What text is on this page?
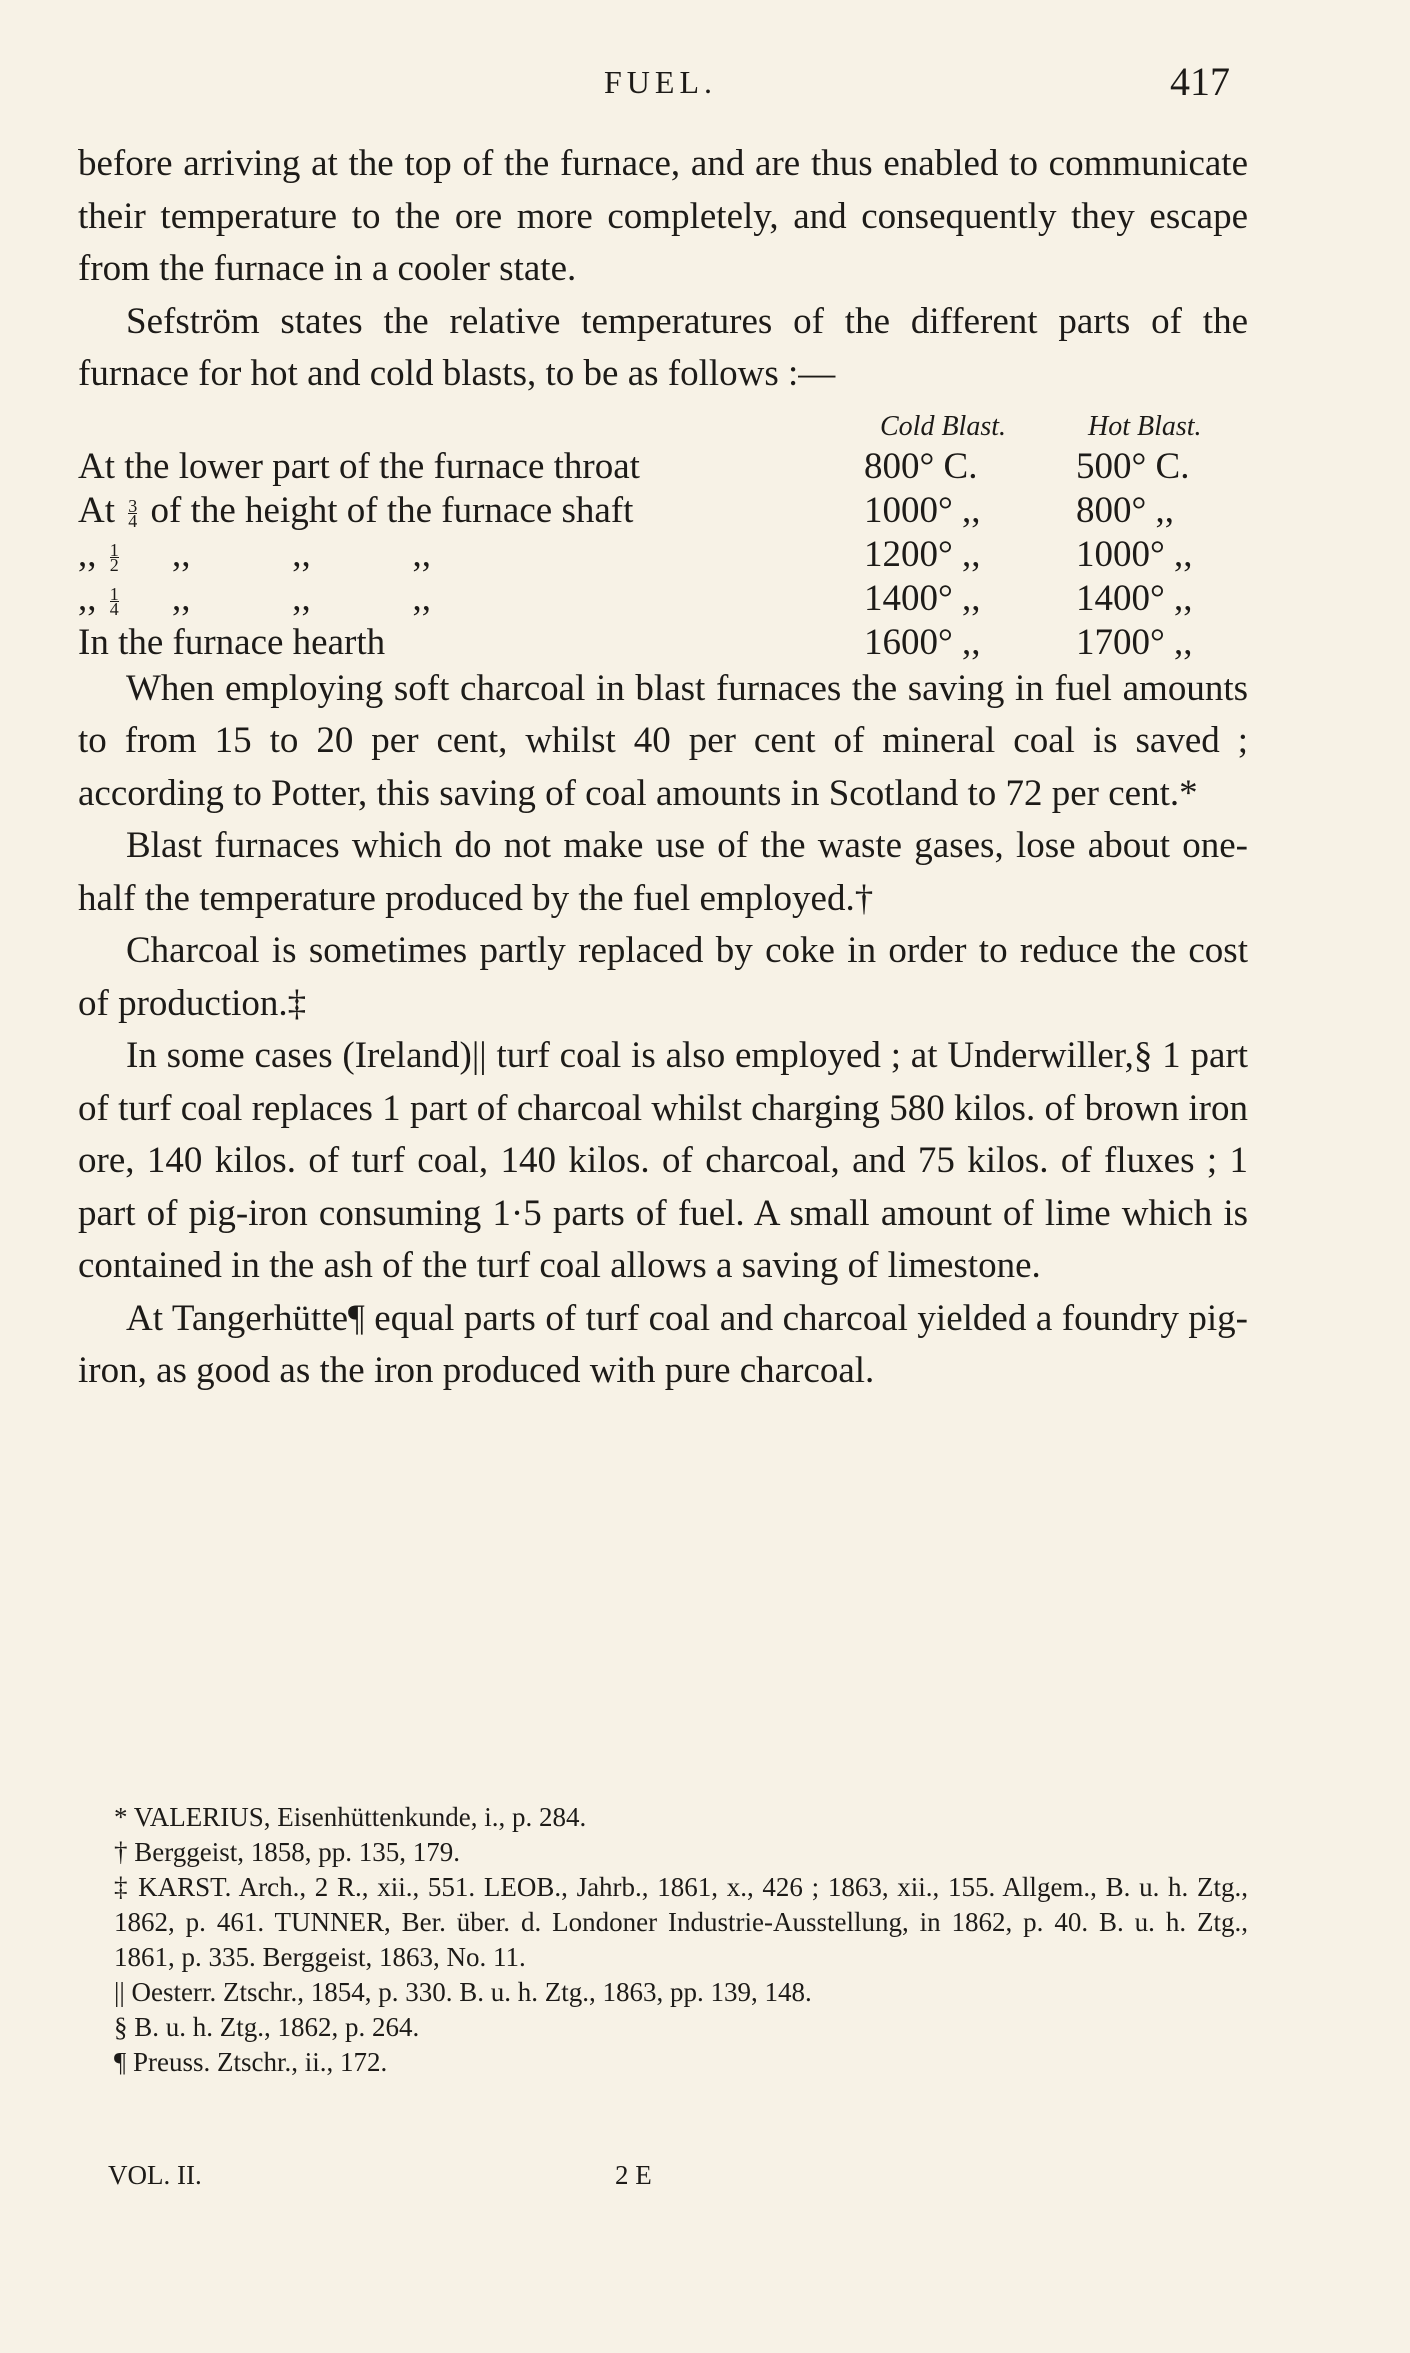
FUEL.	417

before arriving at the top of the furnace, and are thus enabled to communicate their temperature to the ore more completely, and consequently they escape from the furnace in a cooler state.

Sefström states the relative temperatures of the different parts of the furnace for hot and cold blasts, to be as follows :—

Cold Blast.	Hot Blast.
At the lower part of the furnace throat	800° C.	500° C.
At $\frac{3}{4}$ of the height of the furnace shaft	1000° ,,	800° ,,
,, $\frac{1}{2}$ ,,           ,,           ,,	1200° ,,	1000° ,,
,, $\frac{1}{4}$ ,,           ,,           ,,	1400° ,,	1400° ,,
In the furnace hearth	1600° ,,	1700° ,,

When employing soft charcoal in blast furnaces the saving in fuel amounts to from 15 to 20 per cent, whilst 40 per cent of mineral coal is saved ; according to Potter, this saving of coal amounts in Scotland to 72 per cent.*

Blast furnaces which do not make use of the waste gases, lose about one-half the temperature produced by the fuel employed.†

Charcoal is sometimes partly replaced by coke in order to reduce the cost of production.‡

In some cases (Ireland)|| turf coal is also employed ; at Underwiller,§ 1 part of turf coal replaces 1 part of charcoal whilst charging 580 kilos. of brown iron ore, 140 kilos. of turf coal, 140 kilos. of charcoal, and 75 kilos. of fluxes ; 1 part of pig-iron consuming 1·5 parts of fuel. A small amount of lime which is contained in the ash of the turf coal allows a saving of limestone.

At Tangerhütte¶ equal parts of turf coal and charcoal yielded a foundry pig-iron, as good as the iron produced with pure charcoal.

* VALERIUS, Eisenhüttenkunde, i., p. 284.

† Berggeist, 1858, pp. 135, 179.

‡ KARST. Arch., 2 R., xii., 551. LEOB., Jahrb., 1861, x., 426 ; 1863, xii., 155. Allgem., B. u. h. Ztg., 1862, p. 461. TUNNER, Ber. über. d. Londoner Industrie-Ausstellung, in 1862, p. 40. B. u. h. Ztg., 1861, p. 335. Berggeist, 1863, No. 11.

|| Oesterr. Ztschr., 1854, p. 330. B. u. h. Ztg., 1863, pp. 139, 148.

§ B. u. h. Ztg., 1862, p. 264.

¶ Preuss. Ztschr., ii., 172.

VOL. II.	2 E
